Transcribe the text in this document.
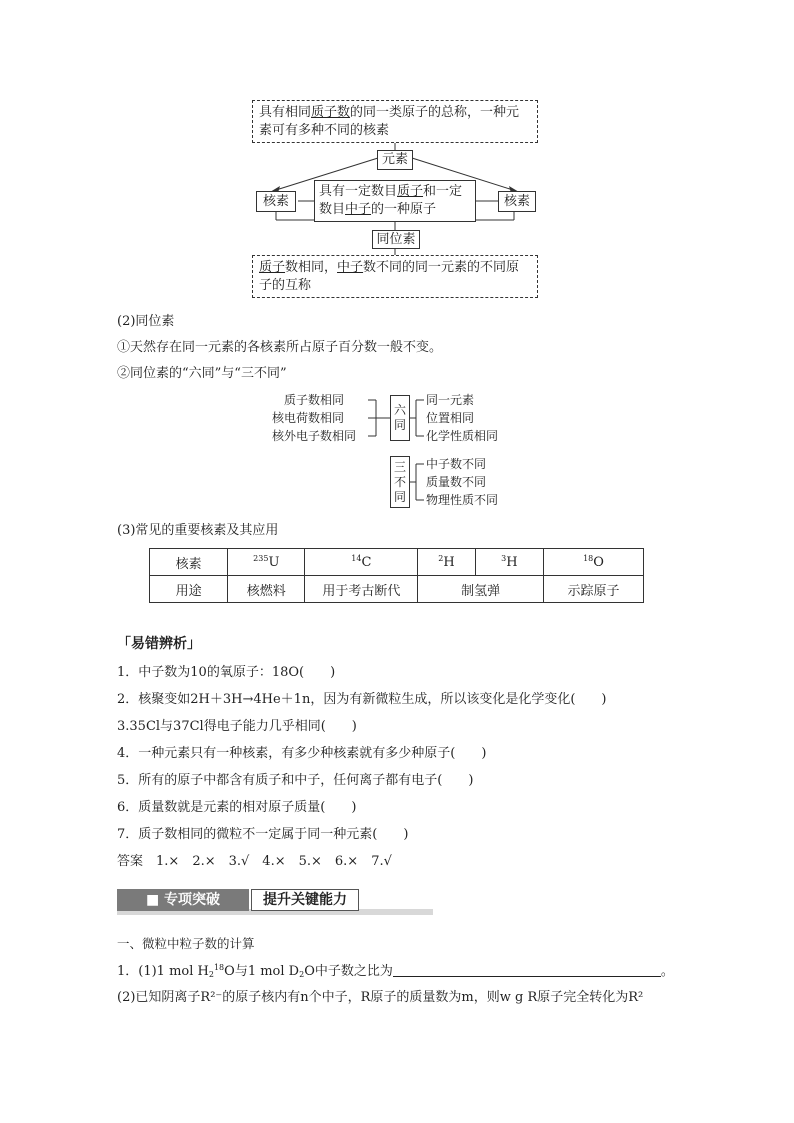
具有相同质子数的同一类原子的总称，一种元素可有多种不同的核素
元素
核素
具有一定数目质子和一定数目中子的一种原子
核素
同位素
质子数相同，中子数不同的同一元素的不同原子的互称
(2)同位素
①天然存在同一元素的各核素所占原子百分数一般不变。
②同位素的“六同”与“三不同”
质子数相同
核电荷数相同
核外电子数相同
六同
同一元素
位置相同
化学性质相同
三不同
中子数不同
质量数不同
物理性质不同
(3)常见的重要核素及其应用
核素	$^{235}$U	$^{14}$C	$^2$H	$^3$H	$^{18}$O
用途	核燃料	用于考古断代	制氢弹		示踪原子
「易错辨析」
1．中子数为10的氧原子：18O(　　)
2．核聚变如2H＋3H→4He＋1n，因为有新微粒生成，所以该变化是化学变化(　　)
3.35Cl与37Cl得电子能力几乎相同(　　)
4．一种元素只有一种核素，有多少种核素就有多少种原子(　　)
5．所有的原子中都含有质子和中子，任何离子都有电子(　　)
6．质量数就是元素的相对原子质量(　　)
7．质子数相同的微粒不一定属于同一种元素(　　)
答案　 1.×　2.×　3.√　4.×　5.×　6.×　7.√
■ 专项突破	提升关键能力
一、微粒中粒子数的计算
1．(1)1 mol $H_2^{18}O$与1 mol $D_2O$中子数之比为	。
(2)已知阴离子R²⁻的原子核内有n个中子，R原子的质量数为m，则w g R原子完全转化为R²
